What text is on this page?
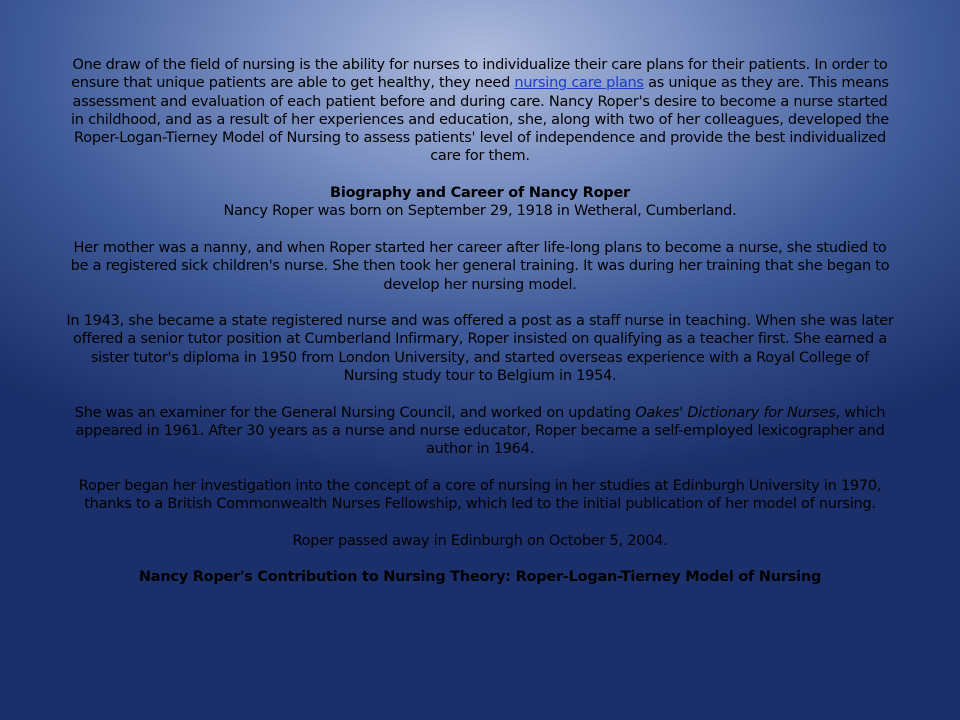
One draw of the field of nursing is the ability for nurses to individualize their care plans for their patients. In order to ensure that unique patients are able to get healthy, they need nursing care plans as unique as they are. This means assessment and evaluation of each patient before and during care. Nancy Roper's desire to become a nurse started in childhood, and as a result of her experiences and education, she, along with two of her colleagues, developed the Roper-Logan-Tierney Model of Nursing to assess patients' level of independence and provide the best individualized care for them.

Biography and Career of Nancy Roper

Nancy Roper was born on September 29, 1918 in Wetheral, Cumberland.

Her mother was a nanny, and when Roper started her career after life-long plans to become a nurse, she studied to be a registered sick children's nurse. She then took her general training. It was during her training that she began to develop her nursing model.

In 1943, she became a state registered nurse and was offered a post as a staff nurse in teaching. When she was later offered a senior tutor position at Cumberland Infirmary, Roper insisted on qualifying as a teacher first. She earned a sister tutor's diploma in 1950 from London University, and started overseas experience with a Royal College of Nursing study tour to Belgium in 1954.

She was an examiner for the General Nursing Council, and worked on updating Oakes' Dictionary for Nurses, which appeared in 1961. After 30 years as a nurse and nurse educator, Roper became a self-employed lexicographer and author in 1964.

Roper began her investigation into the concept of a core of nursing in her studies at Edinburgh University in 1970, thanks to a British Commonwealth Nurses Fellowship, which led to the initial publication of her model of nursing.

Roper passed away in Edinburgh on October 5, 2004.

Nancy Roper's Contribution to Nursing Theory: Roper-Logan-Tierney Model of Nursing
